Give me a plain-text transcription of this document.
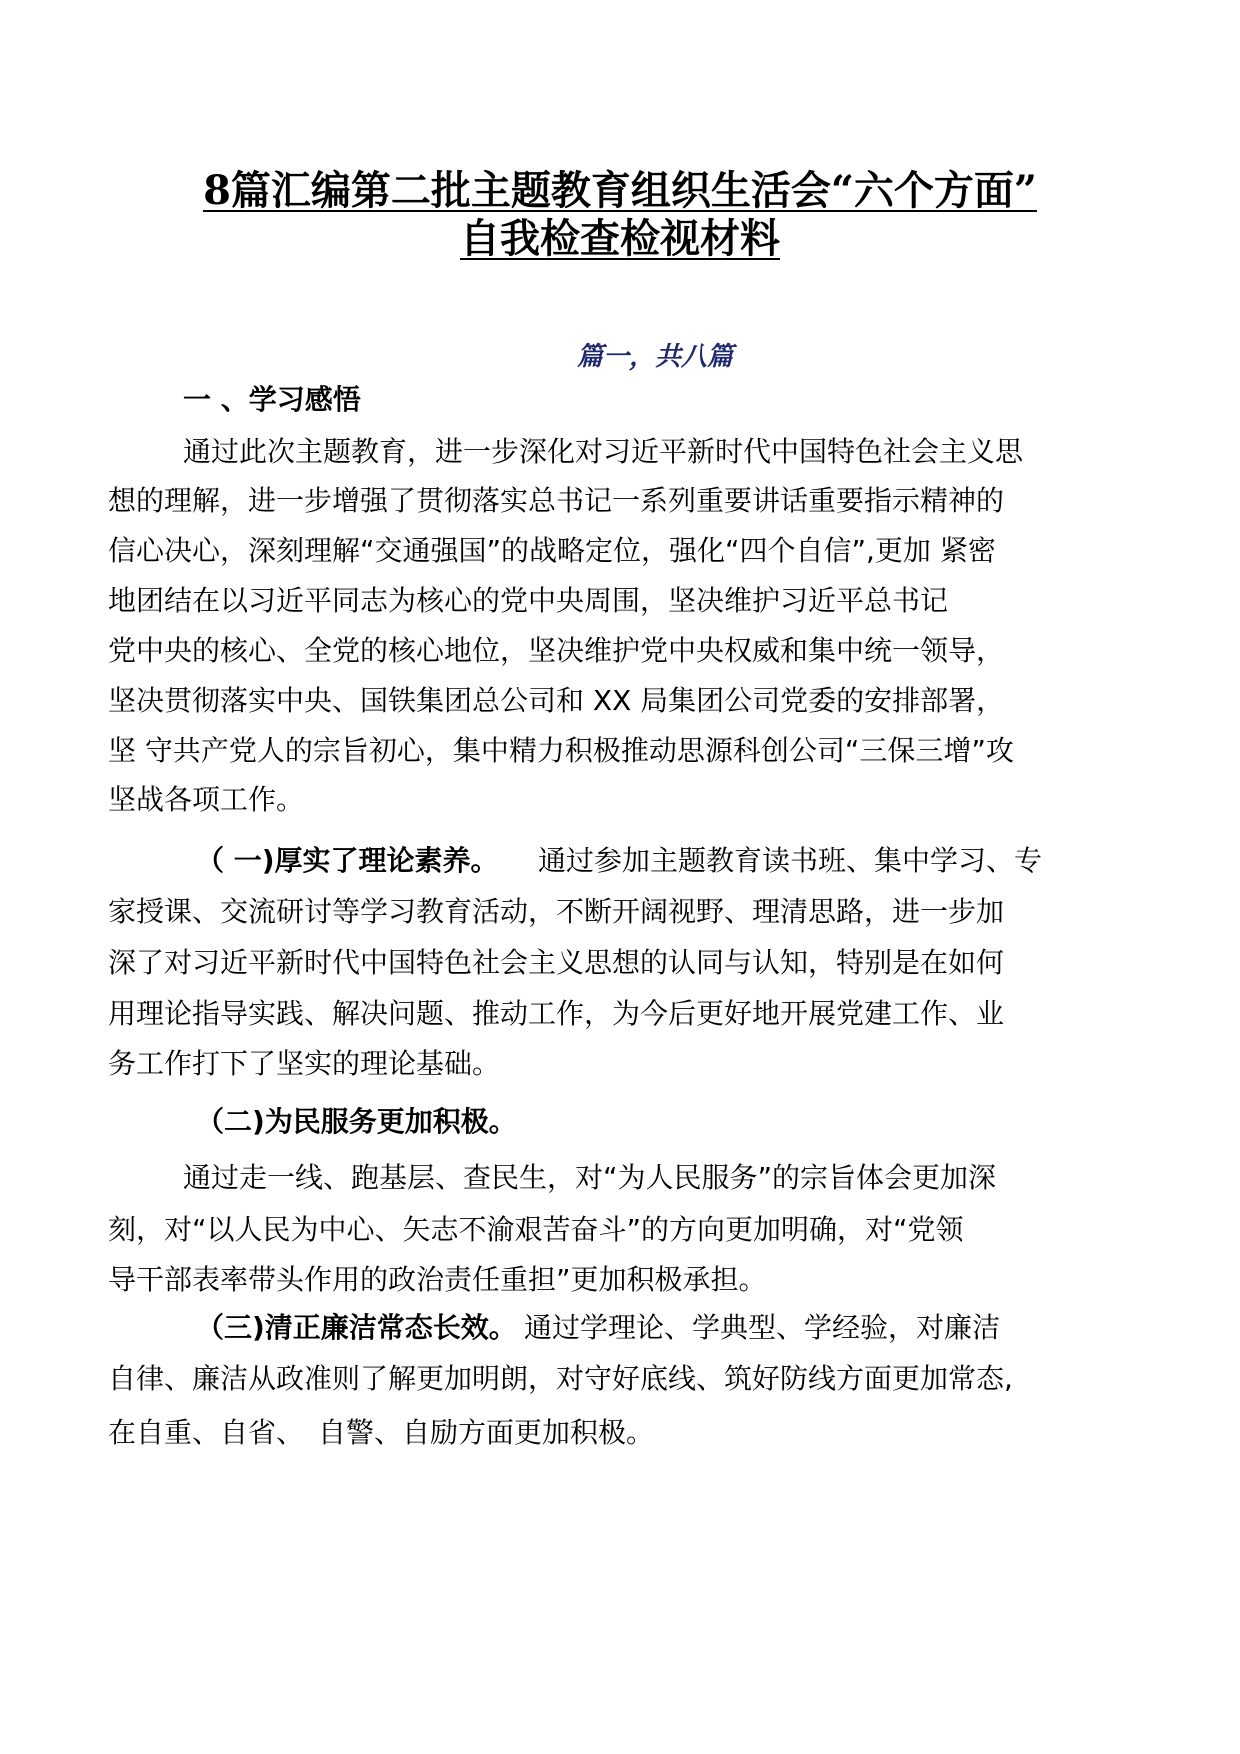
8篇汇编第二批主题教育组织生活会“六个方面”
自我检查检视材料
篇一，共八篇
一 、学习感悟
通过此次主题教育，进一步深化对习近平新时代中国特色社会主义思
想的理解，进一步增强了贯彻落实总书记一系列重要讲话重要指示精神的
信心决心，深刻理解“交通强国”的战略定位，强化“四个自信”,更加 紧密
地团结在以习近平同志为核心的党中央周围，坚决维护习近平总书记
党中央的核心、全党的核心地位，坚决维护党中央权威和集中统一领导，
坚决贯彻落实中央、国铁集团总公司和 XX 局集团公司党委的安排部署，
坚 守共产党人的宗旨初心，集中精力积极推动思源科创公司“三保三增”攻
坚战各项工作。
（ 一)厚实了理论素养。 通过参加主题教育读书班、集中学习、专
家授课、交流研讨等学习教育活动，不断开阔视野、理清思路，进一步加
深了对习近平新时代中国特色社会主义思想的认同与认知，特别是在如何
用理论指导实践、解决问题、推动工作，为今后更好地开展党建工作、业
务工作打下了坚实的理论基础。
（二)为民服务更加积极。
通过走一线、跑基层、查民生，对“为人民服务”的宗旨体会更加深
刻，对“以人民为中心、矢志不渝艰苦奋斗”的方向更加明确，对“党领
导干部表率带头作用的政治责任重担”更加积极承担。
（三)清正廉洁常态长效。 通过学理论、学典型、学经验，对廉洁
自律、廉洁从政准则了解更加明朗，对守好底线、筑好防线方面更加常态,
在自重、自省、　自警、自励方面更加积极。
